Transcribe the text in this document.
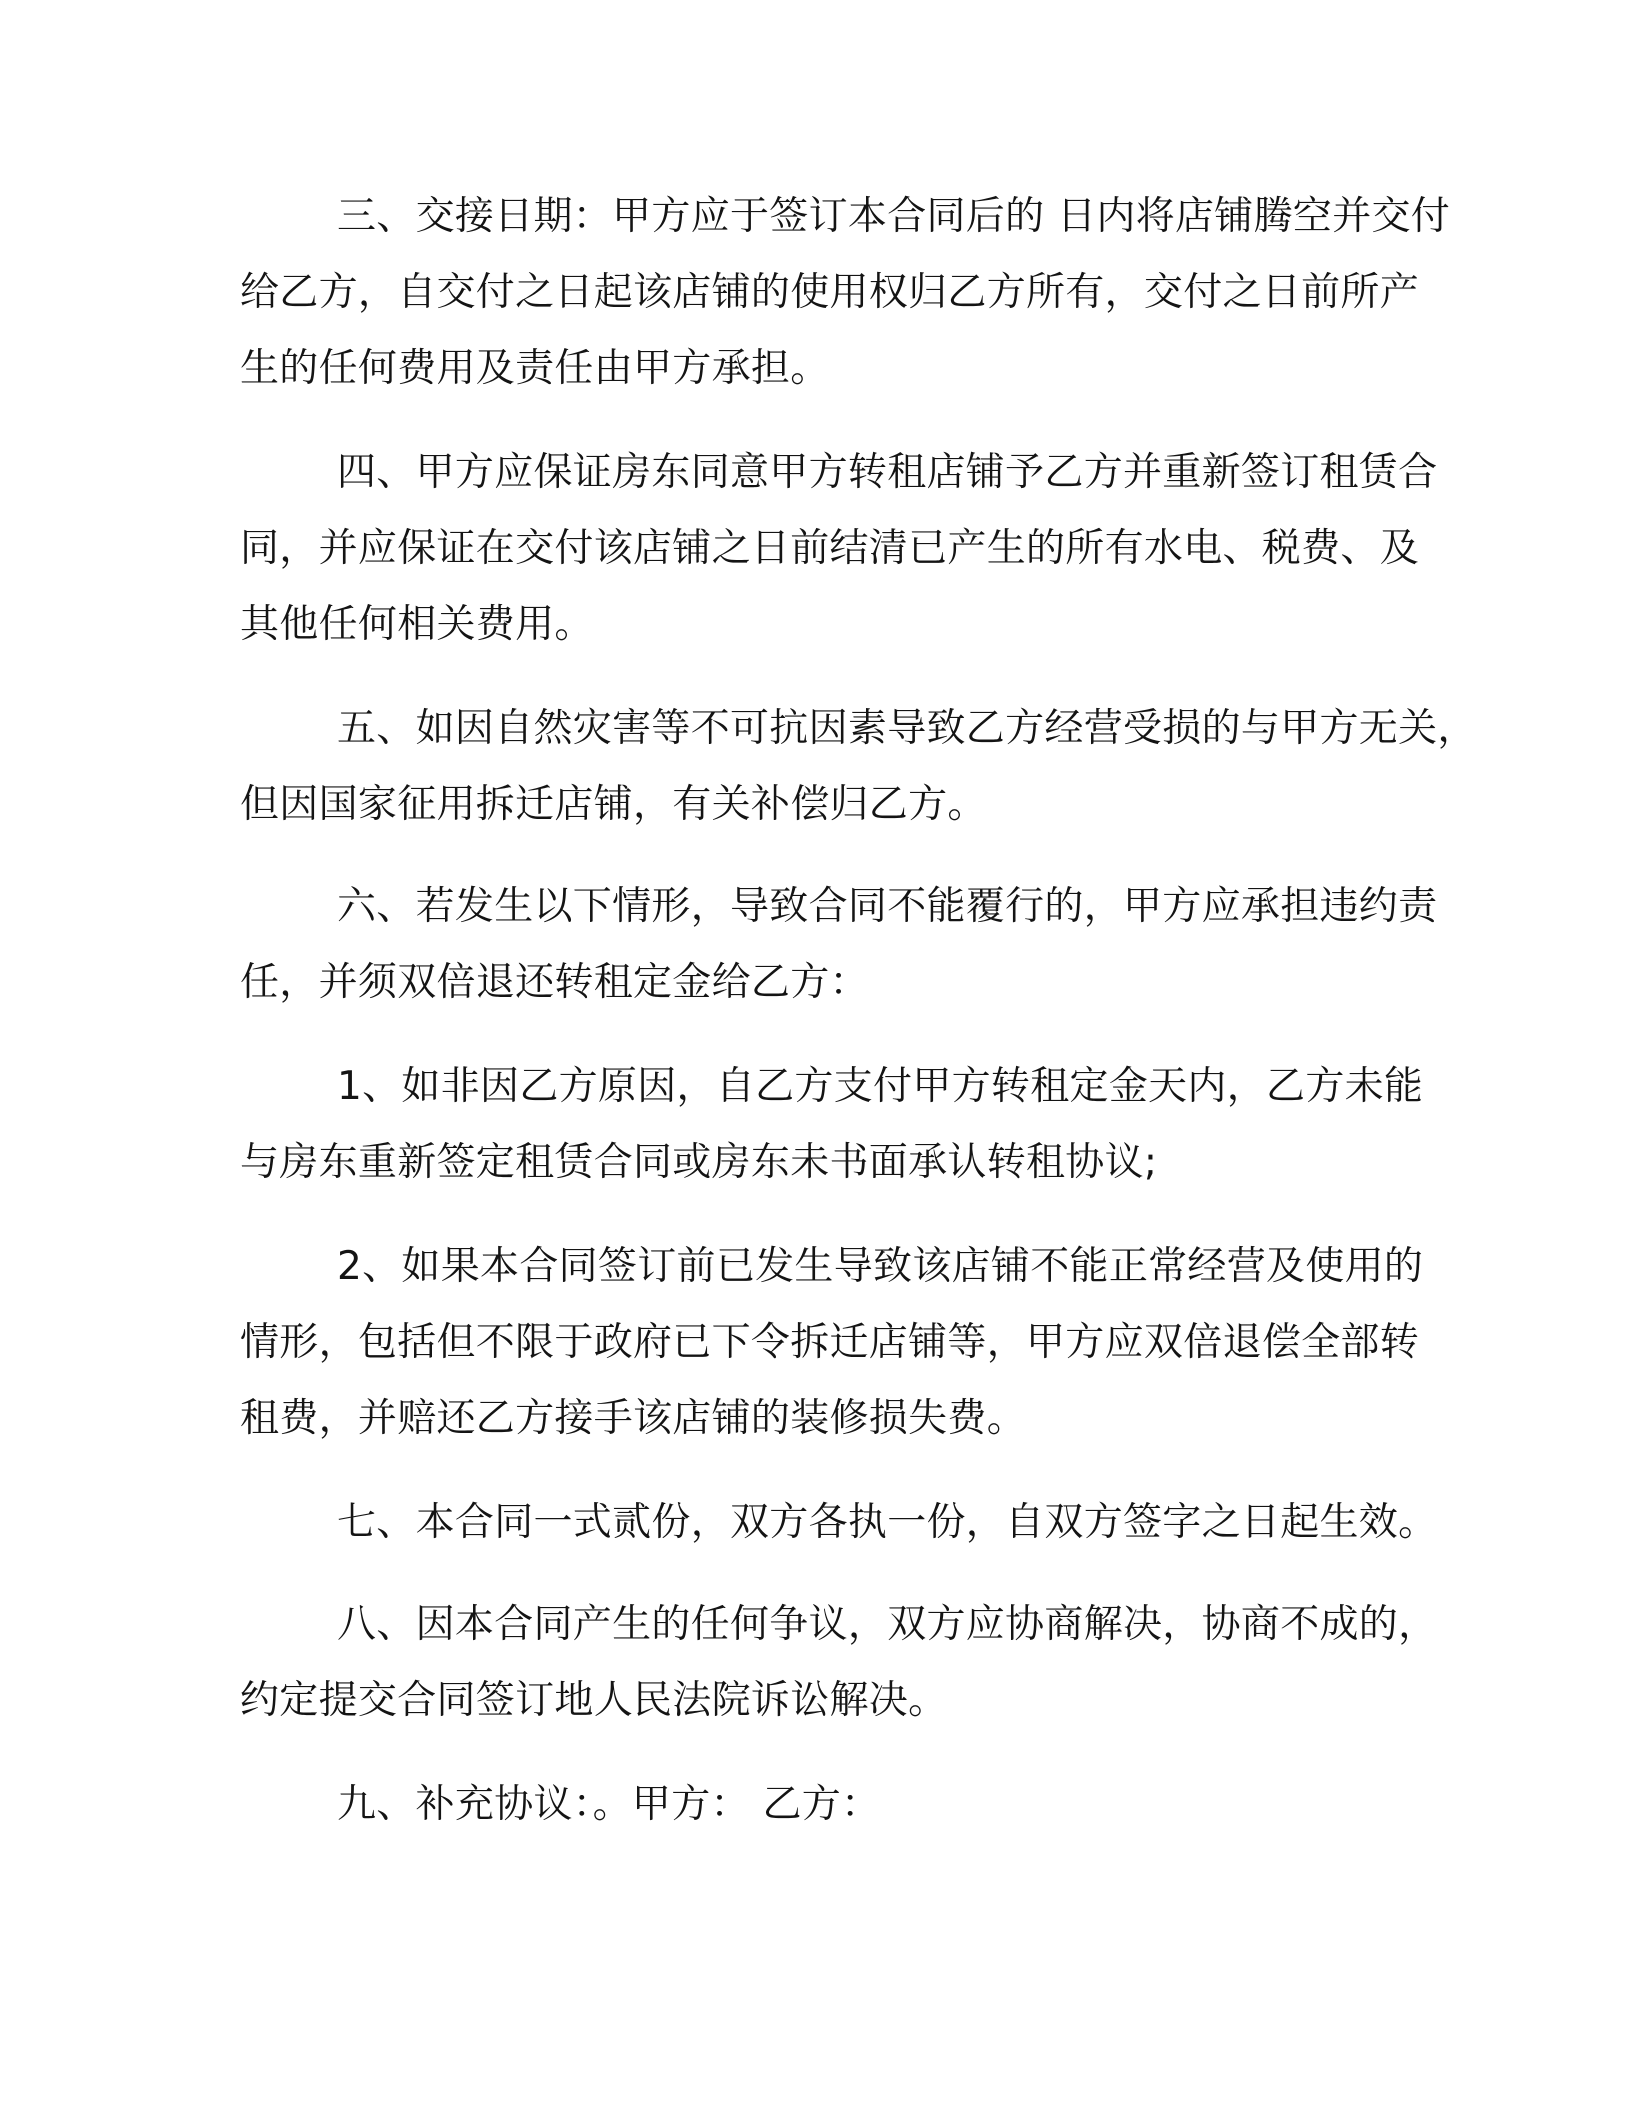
三、交接日期：甲方应于签订本合同后的 日内将店铺腾空并交付
给乙方，自交付之日起该店铺的使用权归乙方所有，交付之日前所产
生的任何费用及责任由甲方承担。
四、甲方应保证房东同意甲方转租店铺予乙方并重新签订租赁合
同，并应保证在交付该店铺之日前结清已产生的所有水电、税费、及
其他任何相关费用。
五、如因自然灾害等不可抗因素导致乙方经营受损的与甲方无关，
但因国家征用拆迁店铺，有关补偿归乙方。
六、若发生以下情形，导致合同不能覆行的，甲方应承担违约责
任，并须双倍退还转租定金给乙方：
1、如非因乙方原因，自乙方支付甲方转租定金天内，乙方未能
与房东重新签定租赁合同或房东未书面承认转租协议;
2、如果本合同签订前已发生导致该店铺不能正常经营及使用的
情形，包括但不限于政府已下令拆迁店铺等，甲方应双倍退偿全部转
租费，并赔还乙方接手该店铺的装修损失费。
七、本合同一式贰份，双方各执一份，自双方签字之日起生效。
八、因本合同产生的任何争议，双方应协商解决，协商不成的，
约定提交合同签订地人民法院诉讼解决。
九、补充协议：。甲方： 乙方：
